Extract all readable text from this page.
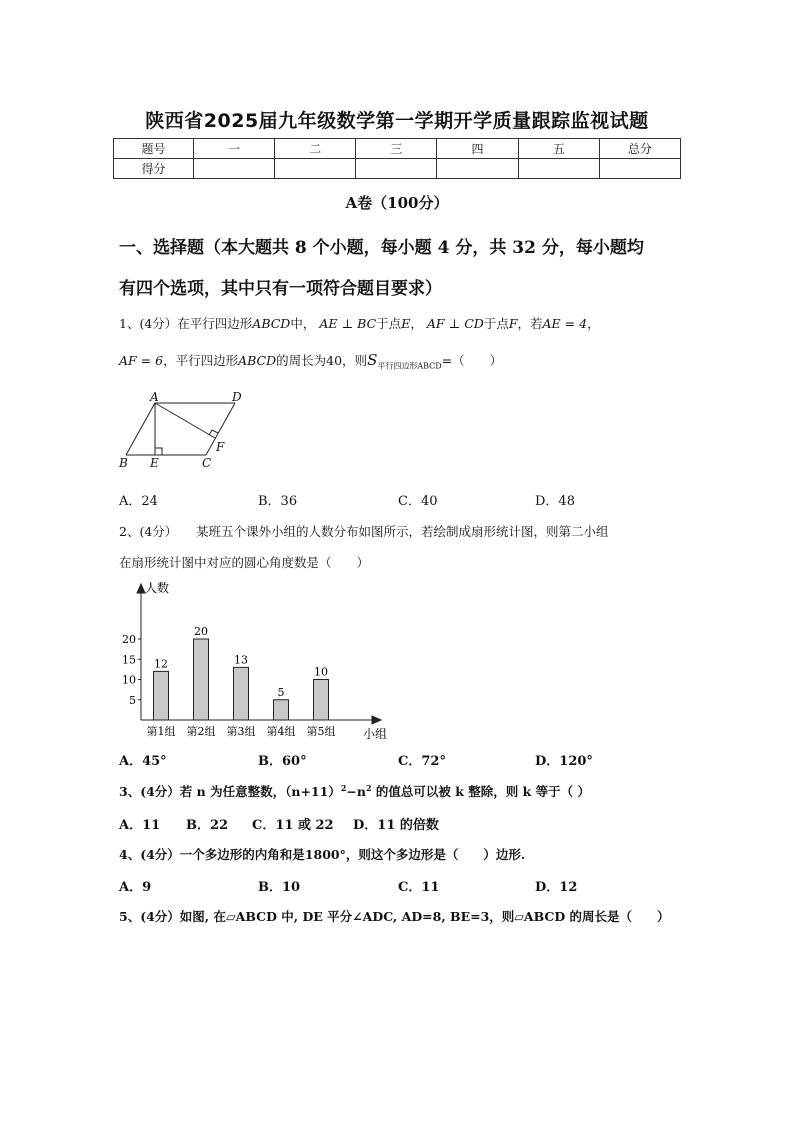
陕西省2025届九年级数学第一学期开学质量跟踪监视试题
题号	一	二	三	四	五	总分
得分						
A卷（100分）
一、选择题（本大题共 8 个小题，每小题 4 分，共 32 分，每小题均
有四个选项，其中只有一项符合题目要求）
1、(4分）在平行四边形ABCD中， AE ⊥ BC于点E， AF ⊥ CD于点F，若AE = 4，
AF = 6，平行四边形ABCD的周长为40，则$S_{平行四边形ABCD}=$（　　）
A	D
B E	C
F
A．24	B．36	C．40	D．48
2、(4分）　　某班五个课外小组的人数分布如图所示，若绘制成扇形统计图，则第二小组
在扇形统计图中对应的圆心角度数是（　　）
人数
小组
5
10
15
20
12
第1组
20
第2组
13
第3组
5
第4组
10
第5组
A．45°	B．60°	C．72°	D．120°
3、(4分）若 n 为任意整数，$(n+11)^2-n^2$ 的值总可以被 k 整除，则 k 等于（ ）
A．11 B．22 C．11 或 22 D．11 的倍数
4、(4分）一个多边形的内角和是1800°，则这个多边形是（　　）边形.
A．9	B．10	C．11	D．12
5、(4分）如图, 在▱ABCD 中, DE 平分∠ADC, AD=8, BE=3，则▱ABCD 的周长是（　　）
